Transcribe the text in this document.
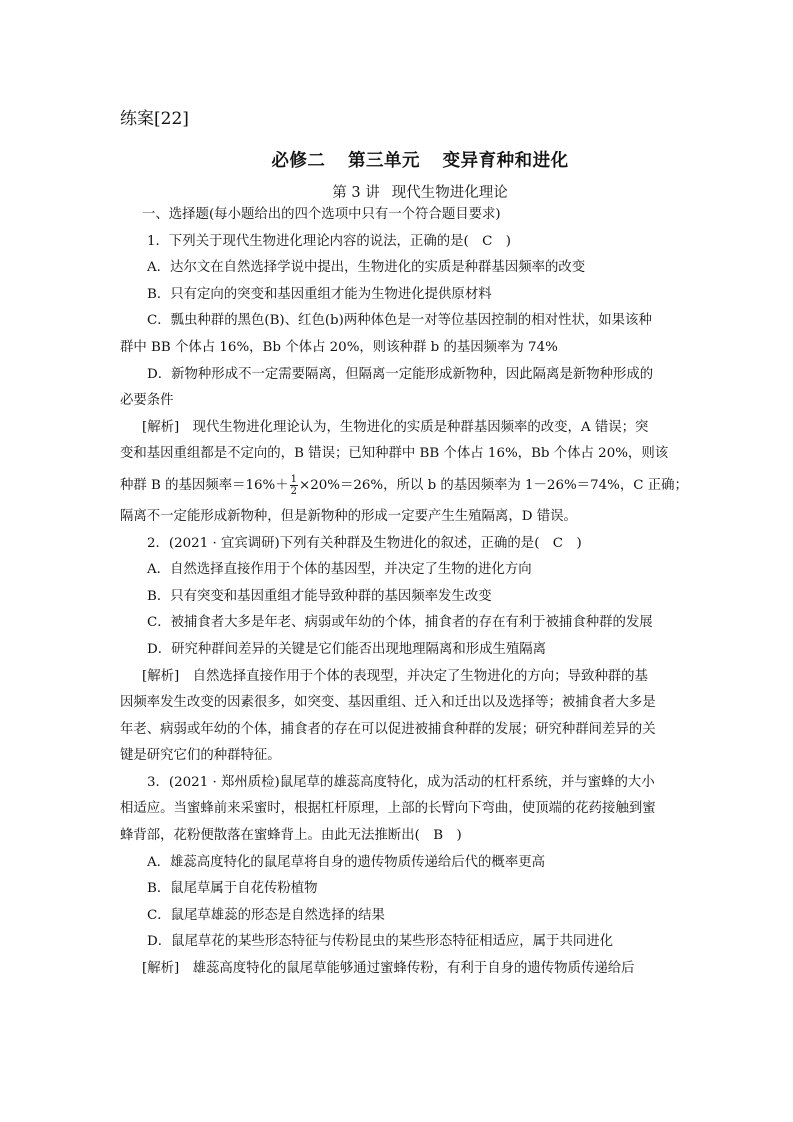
练案[22]
必修二 第三单元 变异育种和进化
第 3 讲 现代生物进化理论
一、选择题(每小题给出的四个选项中只有一个符合题目要求)
1．下列关于现代生物进化理论内容的说法，正确的是(　C　)
A．达尔文在自然选择学说中提出，生物进化的实质是种群基因频率的改变
B．只有定向的突变和基因重组才能为生物进化提供原材料
C．瓢虫种群的黑色(B)、红色(b)两种体色是一对等位基因控制的相对性状，如果该种
群中 BB 个体占 16%，Bb 个体占 20%，则该种群 b 的基因频率为 74%
D．新物种形成不一定需要隔离，但隔离一定能形成新物种，因此隔离是新物种形成的
必要条件
[解析]　现代生物进化理论认为，生物进化的实质是种群基因频率的改变，A 错误；突
变和基因重组都是不定向的，B 错误；已知种群中 BB 个体占 16%，Bb 个体占 20%，则该
种群 B 的基因频率$=16\%+ \frac{1}{2} \times 20\%=26\%$，所以 b 的基因频率为 1－26%＝74%，C 正确；
隔离不一定能形成新物种，但是新物种的形成一定要产生生殖隔离，D 错误。
2．(2021 · 宜宾调研)下列有关种群及生物进化的叙述，正确的是(　C　)
A．自然选择直接作用于个体的基因型，并决定了生物的进化方向
B．只有突变和基因重组才能导致种群的基因频率发生改变
C．被捕食者大多是年老、病弱或年幼的个体，捕食者的存在有利于被捕食种群的发展
D．研究种群间差异的关键是它们能否出现地理隔离和形成生殖隔离
[解析]　自然选择直接作用于个体的表现型，并决定了生物进化的方向；导致种群的基
因频率发生改变的因素很多，如突变、基因重组、迁入和迁出以及选择等；被捕食者大多是
年老、病弱或年幼的个体，捕食者的存在可以促进被捕食种群的发展；研究种群间差异的关
键是研究它们的种群特征。
3．(2021 · 郑州质检)鼠尾草的雄蕊高度特化，成为活动的杠杆系统，并与蜜蜂的大小
相适应。当蜜蜂前来采蜜时，根据杠杆原理，上部的长臂向下弯曲，使顶端的花药接触到蜜
蜂背部，花粉便散落在蜜蜂背上。由此无法推断出(　B　)
A．雄蕊高度特化的鼠尾草将自身的遗传物质传递给后代的概率更高
B．鼠尾草属于自花传粉植物
C．鼠尾草雄蕊的形态是自然选择的结果
D．鼠尾草花的某些形态特征与传粉昆虫的某些形态特征相适应，属于共同进化
[解析]　雄蕊高度特化的鼠尾草能够通过蜜蜂传粉，有利于自身的遗传物质传递给后
